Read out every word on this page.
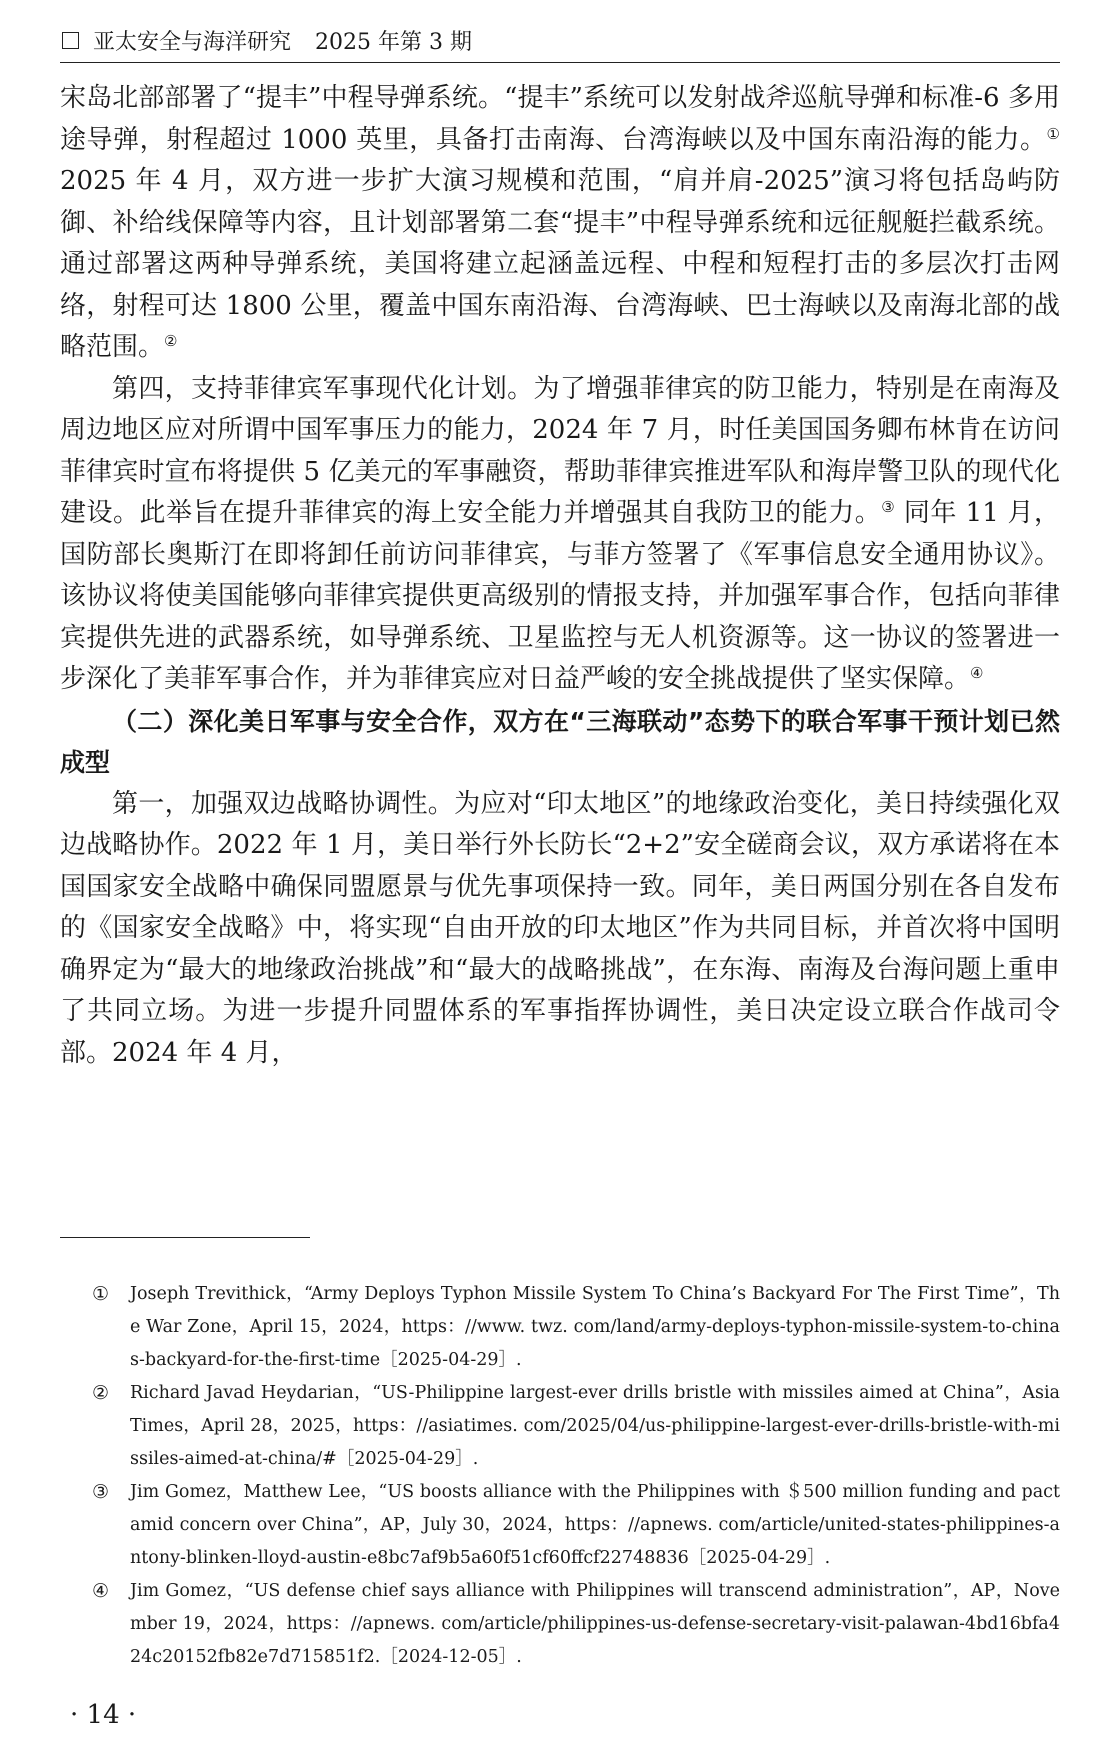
亚太安全与海洋研究 2025 年第 3 期

宋岛北部部署了“提丰”中程导弹系统。“提丰”系统可以发射战斧巡航导弹和标准-6 多用途导弹，射程超过 1000 英里，具备打击南海、台湾海峡以及中国东南沿海的能力。① 2025 年 4 月，双方进一步扩大演习规模和范围，“肩并肩-2025”演习将包括岛屿防御、补给线保障等内容，且计划部署第二套“提丰”中程导弹系统和远征舰艇拦截系统。通过部署这两种导弹系统，美国将建立起涵盖远程、中程和短程打击的多层次打击网络，射程可达 1800 公里，覆盖中国东南沿海、台湾海峡、巴士海峡以及南海北部的战略范围。②

第四，支持菲律宾军事现代化计划。为了增强菲律宾的防卫能力，特别是在南海及周边地区应对所谓中国军事压力的能力，2024 年 7 月，时任美国国务卿布林肯在访问菲律宾时宣布将提供 5 亿美元的军事融资，帮助菲律宾推进军队和海岸警卫队的现代化建设。此举旨在提升菲律宾的海上安全能力并增强其自我防卫的能力。③ 同年 11 月，国防部长奥斯汀在即将卸任前访问菲律宾，与菲方签署了《军事信息安全通用协议》。该协议将使美国能够向菲律宾提供更高级别的情报支持，并加强军事合作，包括向菲律宾提供先进的武器系统，如导弹系统、卫星监控与无人机资源等。这一协议的签署进一步深化了美菲军事合作，并为菲律宾应对日益严峻的安全挑战提供了坚实保障。④

（二）深化美日军事与安全合作，双方在“三海联动”态势下的联合军事干预计划已然成型

第一，加强双边战略协调性。为应对“印太地区”的地缘政治变化，美日持续强化双边战略协作。2022 年 1 月，美日举行外长防长“2+2”安全磋商会议，双方承诺将在本国国家安全战略中确保同盟愿景与优先事项保持一致。同年，美日两国分别在各自发布的《国家安全战略》中，将实现“自由开放的印太地区”作为共同目标，并首次将中国明确界定为“最大的地缘政治挑战”和“最大的战略挑战”，在东海、南海及台海问题上重申了共同立场。为进一步提升同盟体系的军事指挥协调性，美日决定设立联合作战司令部。2024 年 4 月，

① Joseph Trevithick，“Army Deploys Typhon Missile System To China’s Backyard For The First Time”，The War Zone，April 15，2024，https：//www. twz. com/land/army-deploys-typhon-missile-system-to-chinas-backyard-for-the-first-time［2025-04-29］.

② Richard Javad Heydarian，“US-Philippine largest-ever drills bristle with missiles aimed at China”，Asia Times，April 28，2025，https：//asiatimes. com/2025/04/us-philippine-largest-ever-drills-bristle-with-missiles-aimed-at-china/#［2025-04-29］.

③ Jim Gomez，Matthew Lee，“US boosts alliance with the Philippines with ＄500 million funding and pact amid concern over China”，AP，July 30，2024，https：//apnews. com/article/united-states-philippines-antony-blinken-lloyd-austin-e8bc7af9b5a60f51cf60ffcf22748836［2025-04-29］.

④ Jim Gomez，“US defense chief says alliance with Philippines will transcend administration”，AP，November 19，2024，https：//apnews. com/article/philippines-us-defense-secretary-visit-palawan-4bd16bfa424c20152fb82e7d715851f2.［2024-12-05］.

· 14 ·
